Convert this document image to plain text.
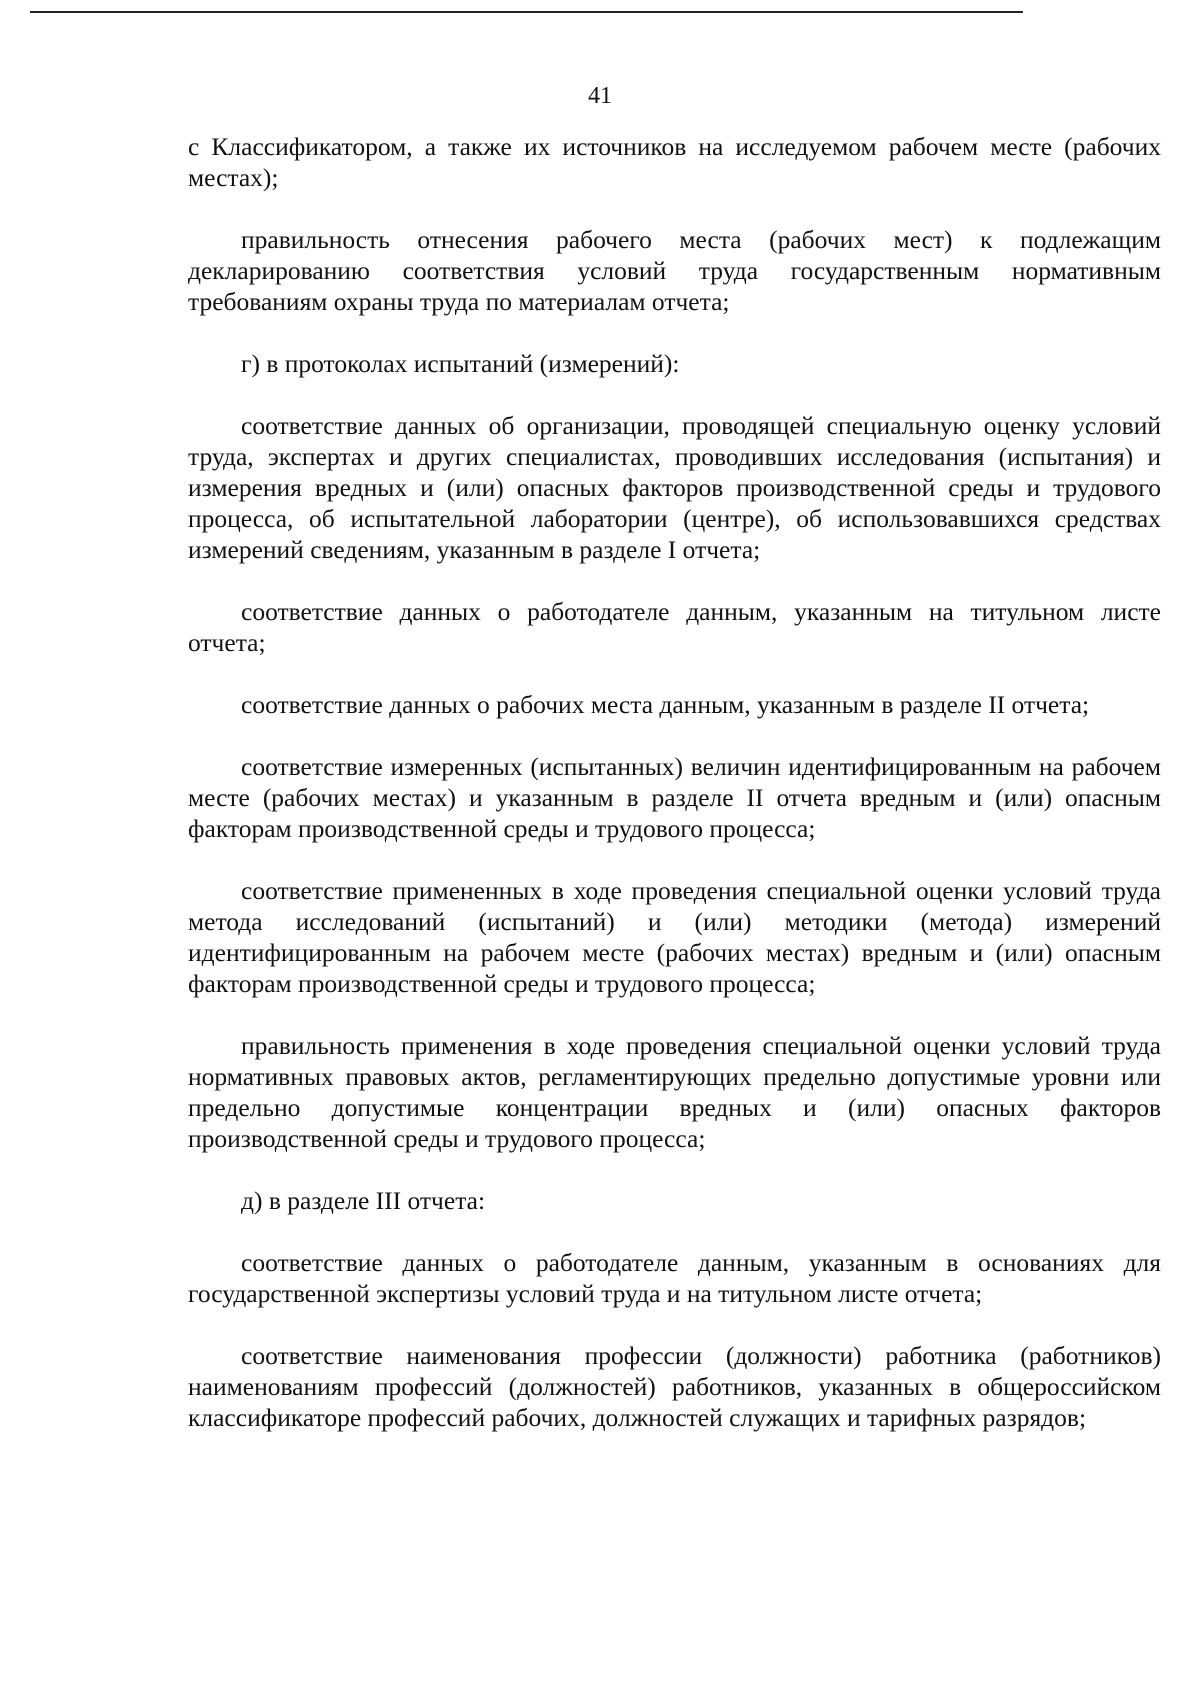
41

с Классификатором, а также их источников на исследуемом рабочем месте (рабочих местах);

правильность отнесения рабочего места (рабочих мест) к подлежащим декларированию соответствия условий труда государственным нормативным требованиям охраны труда по материалам отчета;

г) в протоколах испытаний (измерений):

соответствие данных об организации, проводящей специальную оценку условий труда, экспертах и других специалистах, проводивших исследования (испытания) и измерения вредных и (или) опасных факторов производственной среды и трудового процесса, об испытательной лаборатории (центре), об использовавшихся средствах измерений сведениям, указанным в разделе I отчета;

соответствие данных о работодателе данным, указанным на титульном листе отчета;

соответствие данных о рабочих места данным, указанным в разделе II отчета;

соответствие измеренных (испытанных) величин идентифицированным на рабочем месте (рабочих местах) и указанным в разделе II отчета вредным и (или) опасным факторам производственной среды и трудового процесса;

соответствие примененных в ходе проведения специальной оценки условий труда метода исследований (испытаний) и (или) методики (метода) измерений идентифицированным на рабочем месте (рабочих местах) вредным и (или) опасным факторам производственной среды и трудового процесса;

правильность применения в ходе проведения специальной оценки условий труда нормативных правовых актов, регламентирующих предельно допустимые уровни или предельно допустимые концентрации вредных и (или) опасных факторов производственной среды и трудового процесса;

д) в разделе III отчета:

соответствие данных о работодателе данным, указанным в основаниях для государственной экспертизы условий труда и на титульном листе отчета;

соответствие наименования профессии (должности) работника (работников) наименованиям профессий (должностей) работников, указанных в общероссийском классификаторе профессий рабочих, должностей служащих и тарифных разрядов;
